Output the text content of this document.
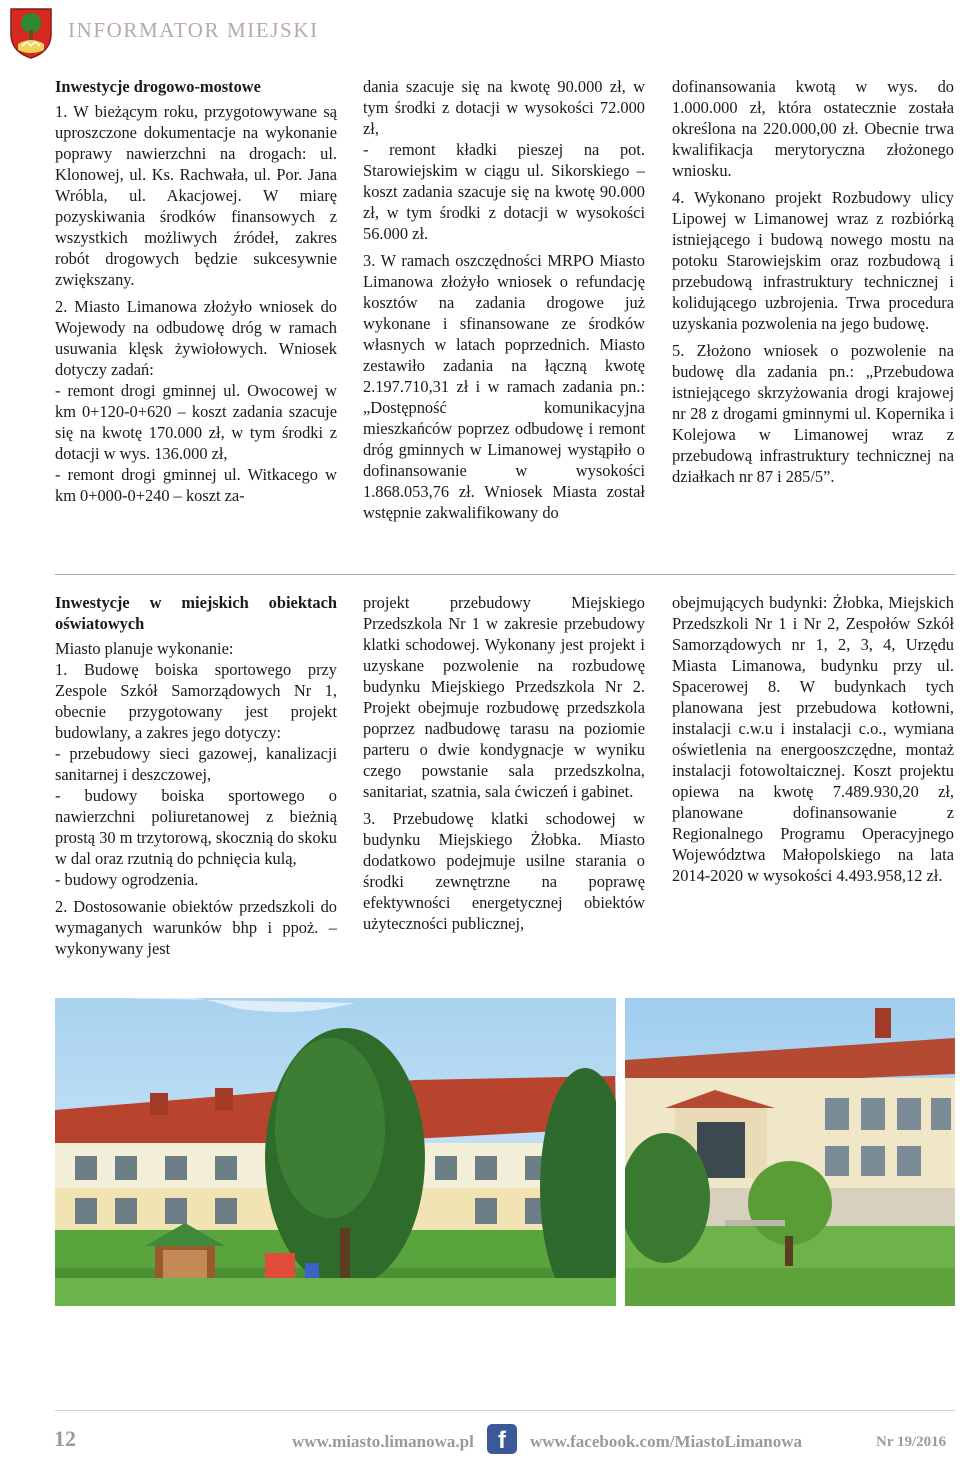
INFORMATOR MIEJSKI

Inwestycje drogowo-mostowe

1. W bieżącym roku, przygotowywane są uproszczone dokumentacje na wykonanie poprawy nawierzchni na drogach: ul. Klonowej, ul. Ks. Rachwała, ul. Por. Jana Wróbla, ul. Akacjowej. W miarę pozyskiwania środków finansowych z wszystkich możliwych źródeł, zakres robót drogowych będzie sukcesywnie zwiększany.

2. Miasto Limanowa złożyło wniosek do Wojewody na odbudowę dróg w ramach usuwania klęsk żywiołowych. Wniosek dotyczy zadań:

- remont drogi gminnej ul. Owocowej w km 0+120-0+620 – koszt zadania szacuje się na kwotę 170.000 zł, w tym środki z dotacji w wys. 136.000 zł,

- remont drogi gminnej ul. Witkacego w km 0+000-0+240 – koszt za-

dania szacuje się na kwotę 90.000 zł, w tym środki z dotacji w wysokości 72.000 zł,

- remont kładki pieszej na pot. Starowiejskim w ciągu ul. Sikorskiego – koszt zadania szacuje się na kwotę 90.000 zł, w tym środki z dotacji w wysokości 56.000 zł.

3. W ramach oszczędności MRPO Miasto Limanowa złożyło wniosek o refundację kosztów na zadania drogowe już wykonane i sfinansowane ze środków własnych w latach poprzednich. Miasto zestawiło zadania na łączną kwotę 2.197.710,31 zł i w ramach zadania pn.: „Dostępność komunikacyjna mieszkańców poprzez odbudowę i remont dróg gminnych w Limanowej wystąpiło o dofinansowanie w wysokości 1.868.053,76 zł. Wniosek Miasta został wstępnie zakwalifikowany do

dofinansowania kwotą w wys. do 1.000.000 zł, która ostatecznie została określona na 220.000,00 zł. Obecnie trwa kwalifikacja merytoryczna złożonego wniosku.

4. Wykonano projekt Rozbudowy ulicy Lipowej w Limanowej wraz z rozbiórką istniejącego i budową nowego mostu na potoku Starowiejskim oraz rozbudową i przebudową infrastruktury technicznej i kolidującego uzbrojenia. Trwa procedura uzyskania pozwolenia na jego budowę.

5. Złożono wniosek o pozwolenie na budowę dla zadania pn.: „Przebudowa istniejącego skrzyżowania drogi krajowej nr 28 z drogami gminnymi ul. Kopernika i Kolejowa w Limanowej wraz z przebudową infrastruktury technicznej na działkach nr 87 i 285/5”.

Inwestycje w miejskich obiektach oświatowych

Miasto planuje wykonanie:

1. Budowę boiska sportowego przy Zespole Szkół Samorządowych Nr 1, obecnie przygotowany jest projekt budowlany, a zakres jego dotyczy:

- przebudowy sieci gazowej, kanalizacji sanitarnej i deszczowej,

- budowy boiska sportowego o nawierzchni poliuretanowej z bieżnią prostą 30 m trzytorową, skocznią do skoku w dal oraz rzutnią do pchnięcia kulą,

- budowy ogrodzenia.

2. Dostosowanie obiektów przedszkoli do wymaganych warunków bhp i ppoż. – wykonywany jest

projekt przebudowy Miejskiego Przedszkola Nr 1 w zakresie przebudowy klatki schodowej. Wykonany jest projekt i uzyskane pozwolenie na rozbudowę budynku Miejskiego Przedszkola Nr 2. Projekt obejmuje rozbudowę przedszkola poprzez nadbudowę tarasu na poziomie parteru o dwie kondygnacje w wyniku czego powstanie sala przedszkolna, sanitariat, szatnia, sala ćwiczeń i gabinet.

3. Przebudowę klatki schodowej w budynku Miejskiego Żłobka. Miasto dodatkowo podejmuje usilne starania o środki zewnętrzne na poprawę efektywności energetycznej obiektów użyteczności publicznej,

obejmujących budynki: Żłobka, Miejskich Przedszkoli Nr 1 i Nr 2, Zespołów Szkół Samorządowych nr 1, 2, 3, 4, Urzędu Miasta Limanowa, budynku przy ul. Spacerowej 8. W budynkach tych planowana jest przebudowa kotłowni, instalacji c.w.u i instalacji c.o., wymiana oświetlenia na energooszczędne, montaż instalacji fotowoltaicznej. Koszt projektu opiewa na kwotę 7.489.930,20 zł, planowane dofinansowanie z Regionalnego Programu Operacyjnego Województwa Małopolskiego na lata 2014-2020 w wysokości 4.493.958,12 zł.

12	www.miasto.limanowa.pl	f	www.facebook.com/MiastoLimanowa	Nr 19/2016
